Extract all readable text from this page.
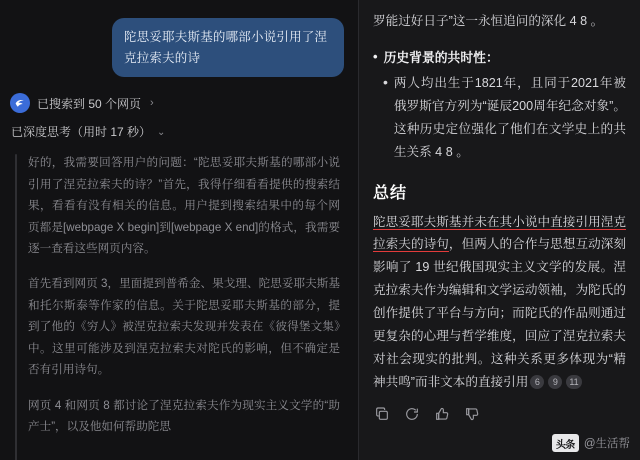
陀思妥耶夫斯基的哪部小说引用了涅克拉索夫的诗
已搜索到 50 个网页 ›
已深度思考（用时 17 秒） ⌄

好的，我需要回答用户的问题：“陀思妥耶夫斯基的哪部小说引用了涅克拉索夫的诗？”首先，我得仔细看看提供的搜索结果，看看有没有相关的信息。用户提到搜索结果中的每个网页都是[webpage X begin]到[webpage X end]的格式，我需要逐一查看这些网页内容。

首先看到网页 3，里面提到普希金、果戈理、陀思妥耶夫斯基和托尔斯泰等作家的信息。关于陀思妥耶夫斯基的部分，提到了他的《穷人》被涅克拉索夫发现并发表在《彼得堡文集》中。这里可能涉及到涅克拉索夫对陀氏的影响，但不确定是否有引用诗句。

网页 4 和网页 8 都讨论了涅克拉索夫作为现实主义文学的“助产士”，以及他如何帮助陀思

罗能过好日子”这一永恒追问的深化 4 8 。

• 历史背景的共时性：
• 两人均出生于1821年，且同于2021年被俄罗斯官方列为“诞辰200周年纪念对象”。这种历史定位强化了他们在文学史上的共生关系 4 8 。
总结

陀思妥耶夫斯基并未在其小说中直接引用涅克拉索夫的诗句，但两人的合作与思想互动深刻影响了 19 世纪俄国现实主义文学的发展。涅克拉索夫作为编辑和文学运动领袖，为陀氏的创作提供了平台与方向；而陀氏的作品则通过更复杂的心理与哲学维度，回应了涅克拉索夫对社会现实的批判。这种关系更多体现为“精神共鸣”而非文本的直接引用 6 9 11

头条 @生活帮
